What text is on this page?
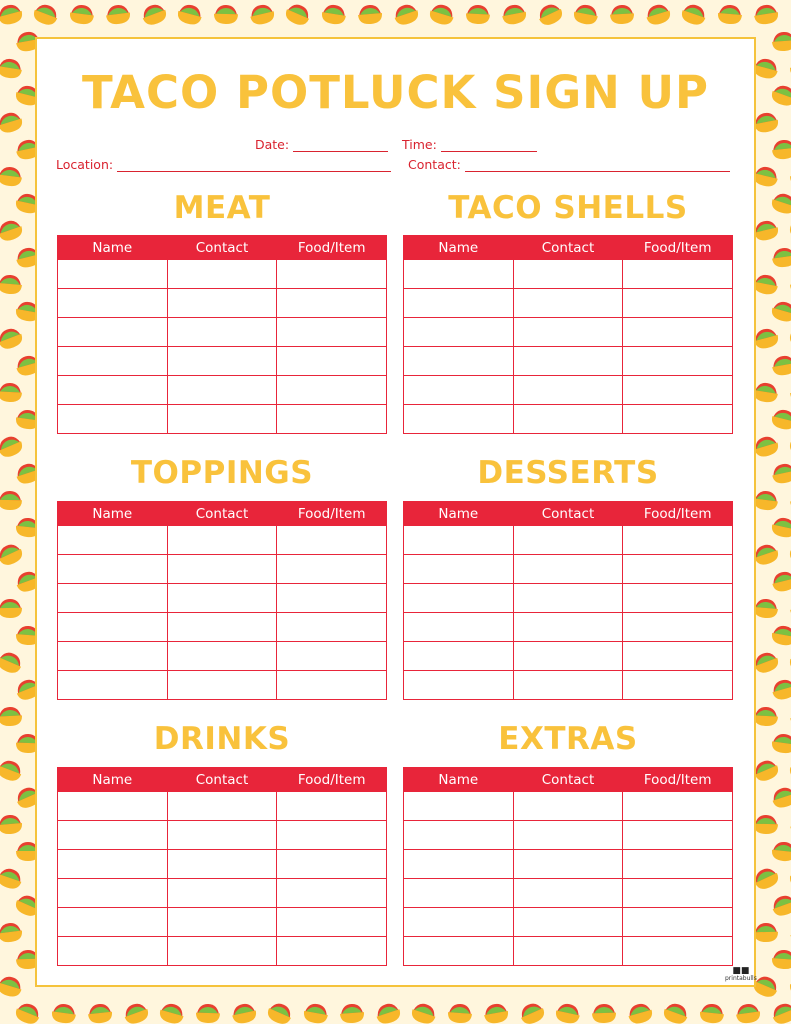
TACO POTLUCK SIGN UP
Date:	Time:
Location:	Contact:
MEAT
Name	Contact	Food/Item

TACO SHELLS
Name	Contact	Food/Item

TOPPINGS
Name	Contact	Food/Item

DESSERTS
Name	Contact	Food/Item

DRINKS
Name	Contact	Food/Item

EXTRAS
Name	Contact	Food/Item

■■
printabulls
